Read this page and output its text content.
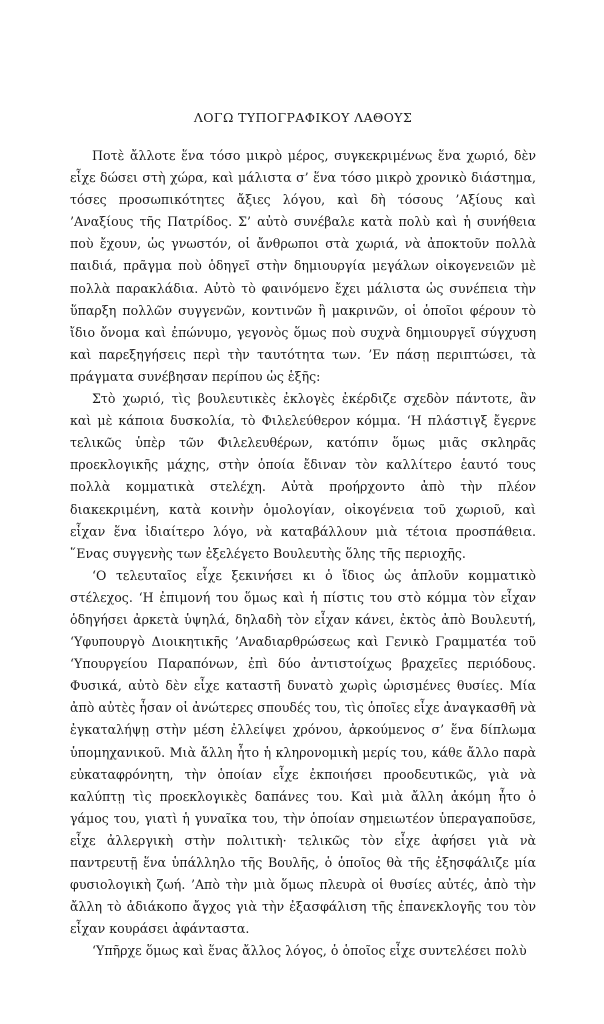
ΛΟΓΩ ΤΥΠΟΓΡΑΦΙΚΟΥ ΛΑΘΟΥΣ

Ποτὲ ἄλλοτε ἕνα τόσο μικρὸ μέρος, συγκεκριμένως ἕνα χωριό, δὲν εἶχε δώσει στὴ χώρα, καὶ μάλιστα σ’ ἕνα τόσο μικρὸ χρονικὸ διάστημα, τόσες προσωπικότητες ἄξιες λόγου, καὶ δὴ τόσους ’Αξίους καὶ ’Αναξίους τῆς Πατρίδος. Σ’ αὐτὸ συνέβαλε κατὰ πολὺ καὶ ἡ συνήθεια ποὺ ἔχουν, ὡς γνωστόν, οἱ ἄνθρωποι στὰ χωριά, νὰ ἀποκτοῦν πολλὰ παιδιά, πρᾶγμα ποὺ ὁδηγεῖ στὴν δημιουργία μεγάλων οἰκογενειῶν μὲ πολλὰ παρακλάδια. Αὐτὸ τὸ φαινόμενο ἔχει μάλιστα ὡς συνέπεια τὴν ὕπαρξη πολλῶν συγγενῶν, κοντινῶν ἢ μακρινῶν, οἱ ὁποῖοι φέρουν τὸ ἴδιο ὄνομα καὶ ἐπώνυμο, γεγονὸς ὅμως ποὺ συχνὰ δημιουργεῖ σύγχυση καὶ παρεξηγήσεις περὶ τὴν ταυτότητα των. ’Εν πάσῃ περιπτώσει, τὰ πράγματα συνέβησαν περίπου ὡς ἑξῆς:

Στὸ χωριό, τὶς βουλευτικὲς ἐκλογὲς ἐκέρδιζε σχεδὸν πάντοτε, ἂν καὶ μὲ κάποια δυσκολία, τὸ Φιλελεύθερον κόμμα. ‘Η πλάστιγξ ἔγερνε τελικῶς ὑπὲρ τῶν Φιλελευθέρων, κατόπιν ὅμως μιᾶς σκληρᾶς προεκλογικῆς μάχης, στὴν ὁποία ἔδιναν τὸν καλλίτερο ἑαυτό τους πολλὰ κομματικὰ στελέχη. Αὐτὰ προήρχοντο ἀπὸ τὴν πλέον διακεκριμένη, κατὰ κοινὴν ὁμολογίαν, οἰκογένεια τοῦ χωριοῦ, καὶ εἶχαν ἕνα ἰδιαίτερο λόγο, νὰ καταβάλλουν μιὰ τέτοια προσπάθεια. ῞Ενας συγγενὴς των ἐξελέγετο Βουλευτὴς ὅλης τῆς περιοχῆς.

‘Ο τελευταῖος εἶχε ξεκινήσει κι ὁ ἴδιος ὡς ἁπλοῦν κομματικὸ στέλεχος. ‘Η ἐπιμονή του ὅμως καὶ ἡ πίστις του στὸ κόμμα τὸν εἶχαν ὁδηγήσει ἀρκετὰ ὑψηλά, δηλαδὴ τὸν εἶχαν κάνει, ἐκτὸς ἀπὸ Βουλευτή, ‘Υφυπουργὸ Διοικητικῆς ’Αναδιαρθρώσεως καὶ Γενικὸ Γραμματέα τοῦ ‘Υπουργείου Παραπόνων, ἐπὶ δύο ἀντιστοίχως βραχεῖες περιόδους. Φυσικά, αὐτὸ δὲν εἶχε καταστῆ δυνατὸ χωρὶς ὡρισμένες θυσίες. Μία ἀπὸ αὐτὲς ἦσαν οἱ ἀνώτερες σπουδές του, τὶς ὁποῖες εἶχε ἀναγκασθῆ νὰ ἐγκαταλήψῃ στὴν μέση ἐλλείψει χρόνου, ἀρκούμενος σ’ ἕνα δίπλωμα ὑπομηχανικοῦ. Μιὰ ἄλλη ἦτο ἡ κληρονομικὴ μερίς του, κάθε ἄλλο παρὰ εὐκαταφρόνητη, τὴν ὁποίαν εἶχε ἐκποιήσει προοδευτικῶς, γιὰ νὰ καλύπτῃ τὶς προεκλογικὲς δαπάνες του. Καὶ μιὰ ἄλλη ἀκόμη ἦτο ὁ γάμος του, γιατὶ ἡ γυναῖκα του, τὴν ὁποίαν σημειωτέον ὑπεραγαποῦσε, εἶχε ἀλλεργικὴ στὴν πολιτικὴ· τελικῶς τὸν εἶχε ἀφήσει γιὰ νὰ παντρευτῇ ἕνα ὑπάλληλο τῆς Βουλῆς, ὁ ὁποῖος θὰ τῆς ἐξησφάλιζε μία φυσιολογικὴ ζωή. ’Απὸ τὴν μιὰ ὅμως πλευρὰ οἱ θυσίες αὐτές, ἀπὸ τὴν ἄλλη τὸ ἀδιάκοπο ἄγχος γιὰ τὴν ἐξασφάλιση τῆς ἐπανεκλογῆς του τὸν εἶχαν κουράσει ἀφάνταστα.

‘Υπῆρχε ὅμως καὶ ἕνας ἄλλος λόγος, ὁ ὁποῖος εἶχε συντελέσει πολὺ
